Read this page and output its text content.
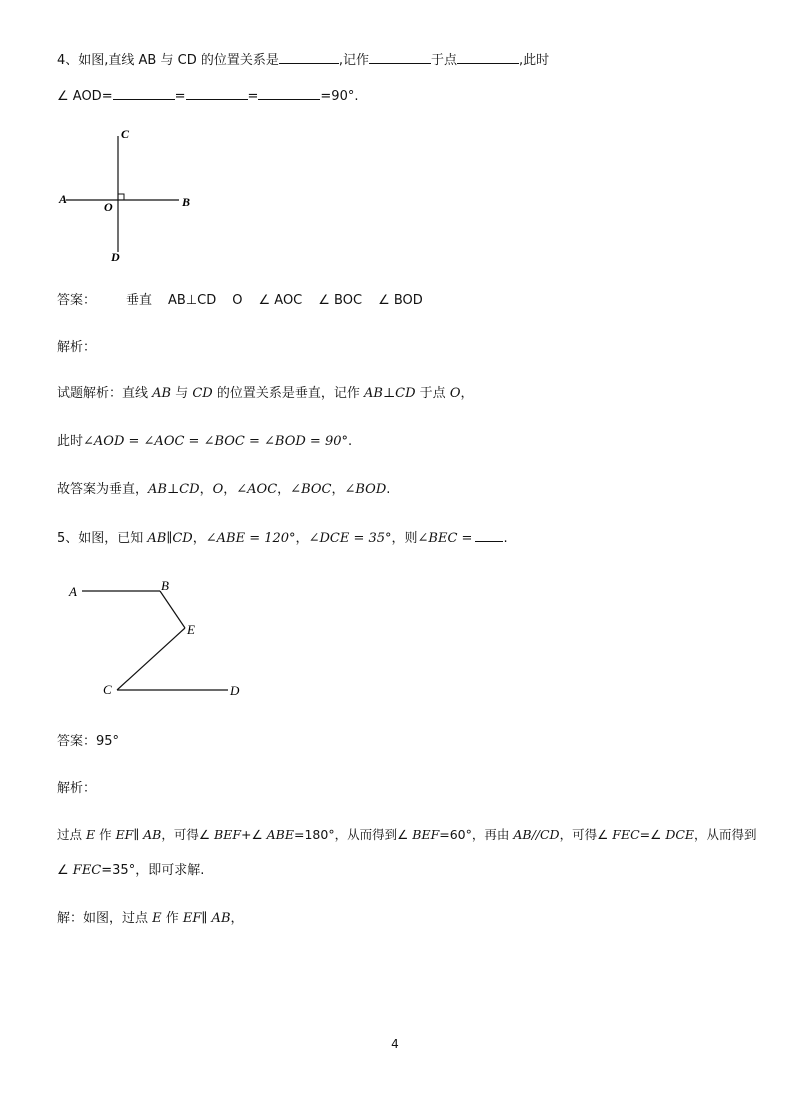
4、如图,直线 AB 与 CD 的位置关系是	,记作	于点	,此时
∠ AOD=	=	=	=90°.
C
A
O	B
D
答案： 垂直 AB⊥CD O ∠ AOC ∠ BOC ∠ BOD
解析：
试题解析：直线 AB 与 CD 的位置关系是垂直，记作 AB⊥CD 于点 O，
此时∠AOD = ∠AOC = ∠BOC = ∠BOD = 90°.
故答案为垂直，AB⊥CD，O，∠AOC，∠BOC，∠BOD.
5、如图，已知 AB∥CD，∠ABE = 120°，∠DCE = 35°，则∠BEC = .
A	B
E
C	D
答案：95°
解析：
过点 E 作 EF∥ AB，可得∠ BEF+∠ ABE=180°，从而得到∠ BEF=60°，再由 AB//CD，可得∠ FEC=∠ DCE，从而得到
∠ FEC=35°，即可求解.
解：如图，过点 E 作 EF∥ AB，
4
